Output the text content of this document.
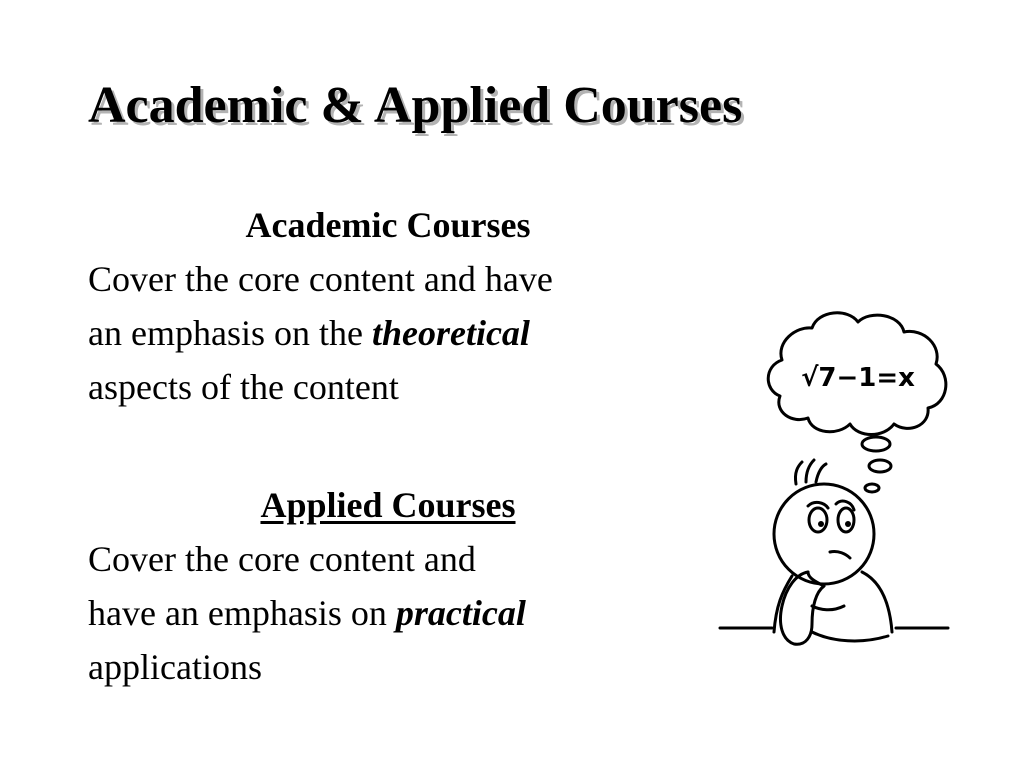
Academic & Applied Courses

Academic Courses

Cover the core content and have
an emphasis on the theoretical
aspects of the content

Applied Courses

Cover the core content and
have an emphasis on practical
applications

√7−1=x
